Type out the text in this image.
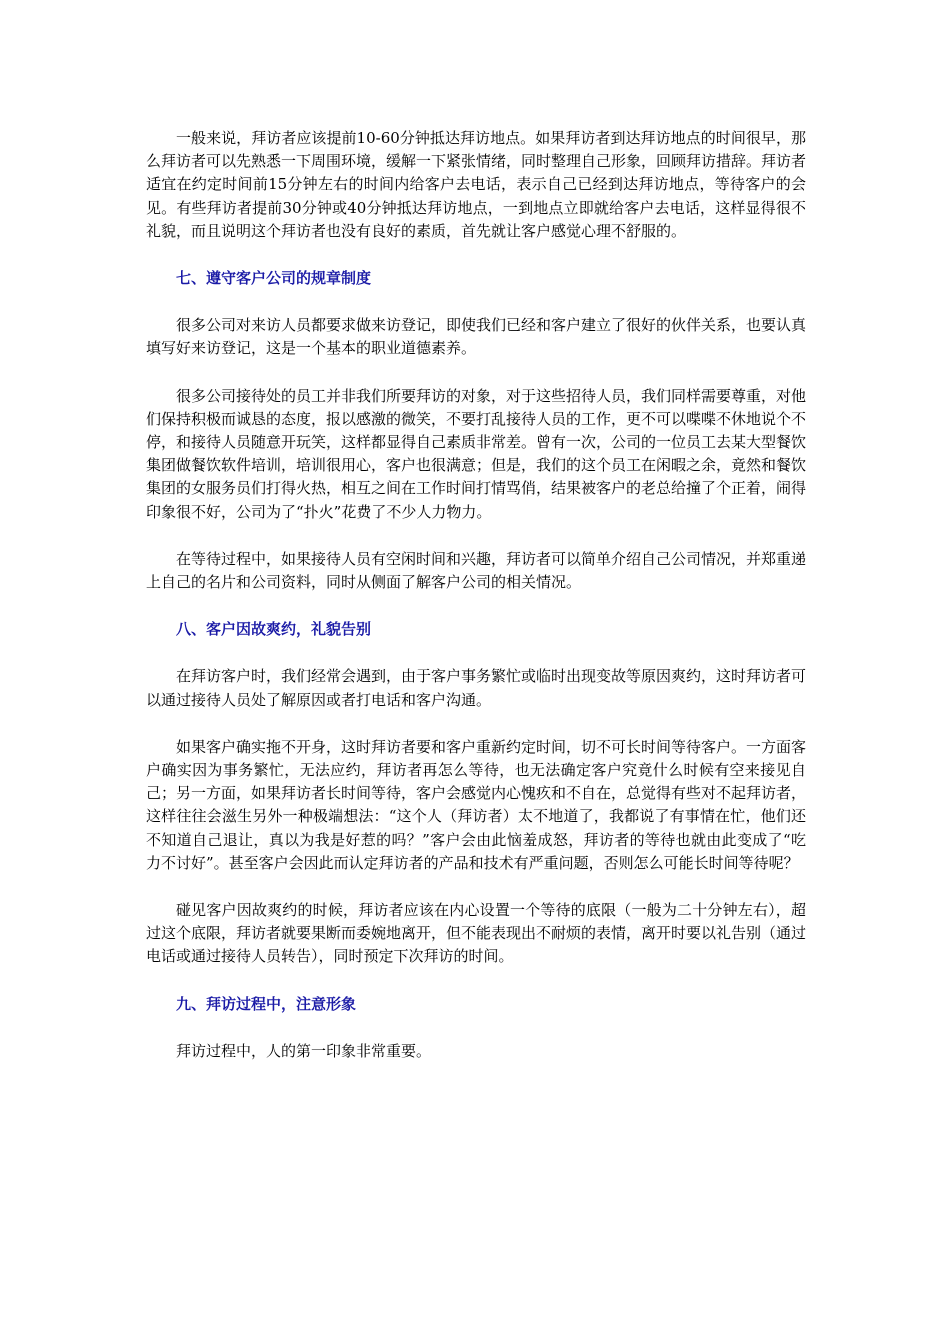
一般来说，拜访者应该提前10-60分钟抵达拜访地点。如果拜访者到达拜访地点的时间很早，那么拜访者可以先熟悉一下周围环境，缓解一下紧张情绪，同时整理自己形象，回顾拜访措辞。拜访者适宜在约定时间前15分钟左右的时间内给客户去电话，表示自己已经到达拜访地点，等待客户的会见。有些拜访者提前30分钟或40分钟抵达拜访地点，一到地点立即就给客户去电话，这样显得很不礼貌，而且说明这个拜访者也没有良好的素质，首先就让客户感觉心理不舒服的。

七、遵守客户公司的规章制度

很多公司对来访人员都要求做来访登记，即使我们已经和客户建立了很好的伙伴关系，也要认真填写好来访登记，这是一个基本的职业道德素养。

很多公司接待处的员工并非我们所要拜访的对象，对于这些招待人员，我们同样需要尊重，对他们保持积极而诚恳的态度，报以感激的微笑，不要打乱接待人员的工作，更不可以喋喋不休地说个不停，和接待人员随意开玩笑，这样都显得自己素质非常差。曾有一次，公司的一位员工去某大型餐饮集团做餐饮软件培训，培训很用心，客户也很满意；但是，我们的这个员工在闲暇之余，竟然和餐饮集团的女服务员们打得火热，相互之间在工作时间打情骂俏，结果被客户的老总给撞了个正着，闹得印象很不好，公司为了“扑火”花费了不少人力物力。

在等待过程中，如果接待人员有空闲时间和兴趣，拜访者可以简单介绍自己公司情况，并郑重递上自己的名片和公司资料，同时从侧面了解客户公司的相关情况。

八、客户因故爽约，礼貌告别

在拜访客户时，我们经常会遇到，由于客户事务繁忙或临时出现变故等原因爽约，这时拜访者可以通过接待人员处了解原因或者打电话和客户沟通。

如果客户确实拖不开身，这时拜访者要和客户重新约定时间，切不可长时间等待客户。一方面客户确实因为事务繁忙，无法应约，拜访者再怎么等待，也无法确定客户究竟什么时候有空来接见自己；另一方面，如果拜访者长时间等待，客户会感觉内心愧疚和不自在，总觉得有些对不起拜访者，这样往往会滋生另外一种极端想法：“这个人（拜访者）太不地道了，我都说了有事情在忙，他们还不知道自己退让，真以为我是好惹的吗？”客户会由此恼羞成怒，拜访者的等待也就由此变成了“吃力不讨好”。甚至客户会因此而认定拜访者的产品和技术有严重问题，否则怎么可能长时间等待呢？

碰见客户因故爽约的时候，拜访者应该在内心设置一个等待的底限（一般为二十分钟左右），超过这个底限，拜访者就要果断而委婉地离开，但不能表现出不耐烦的表情，离开时要以礼告别（通过电话或通过接待人员转告），同时预定下次拜访的时间。

九、拜访过程中，注意形象

拜访过程中，人的第一印象非常重要。
